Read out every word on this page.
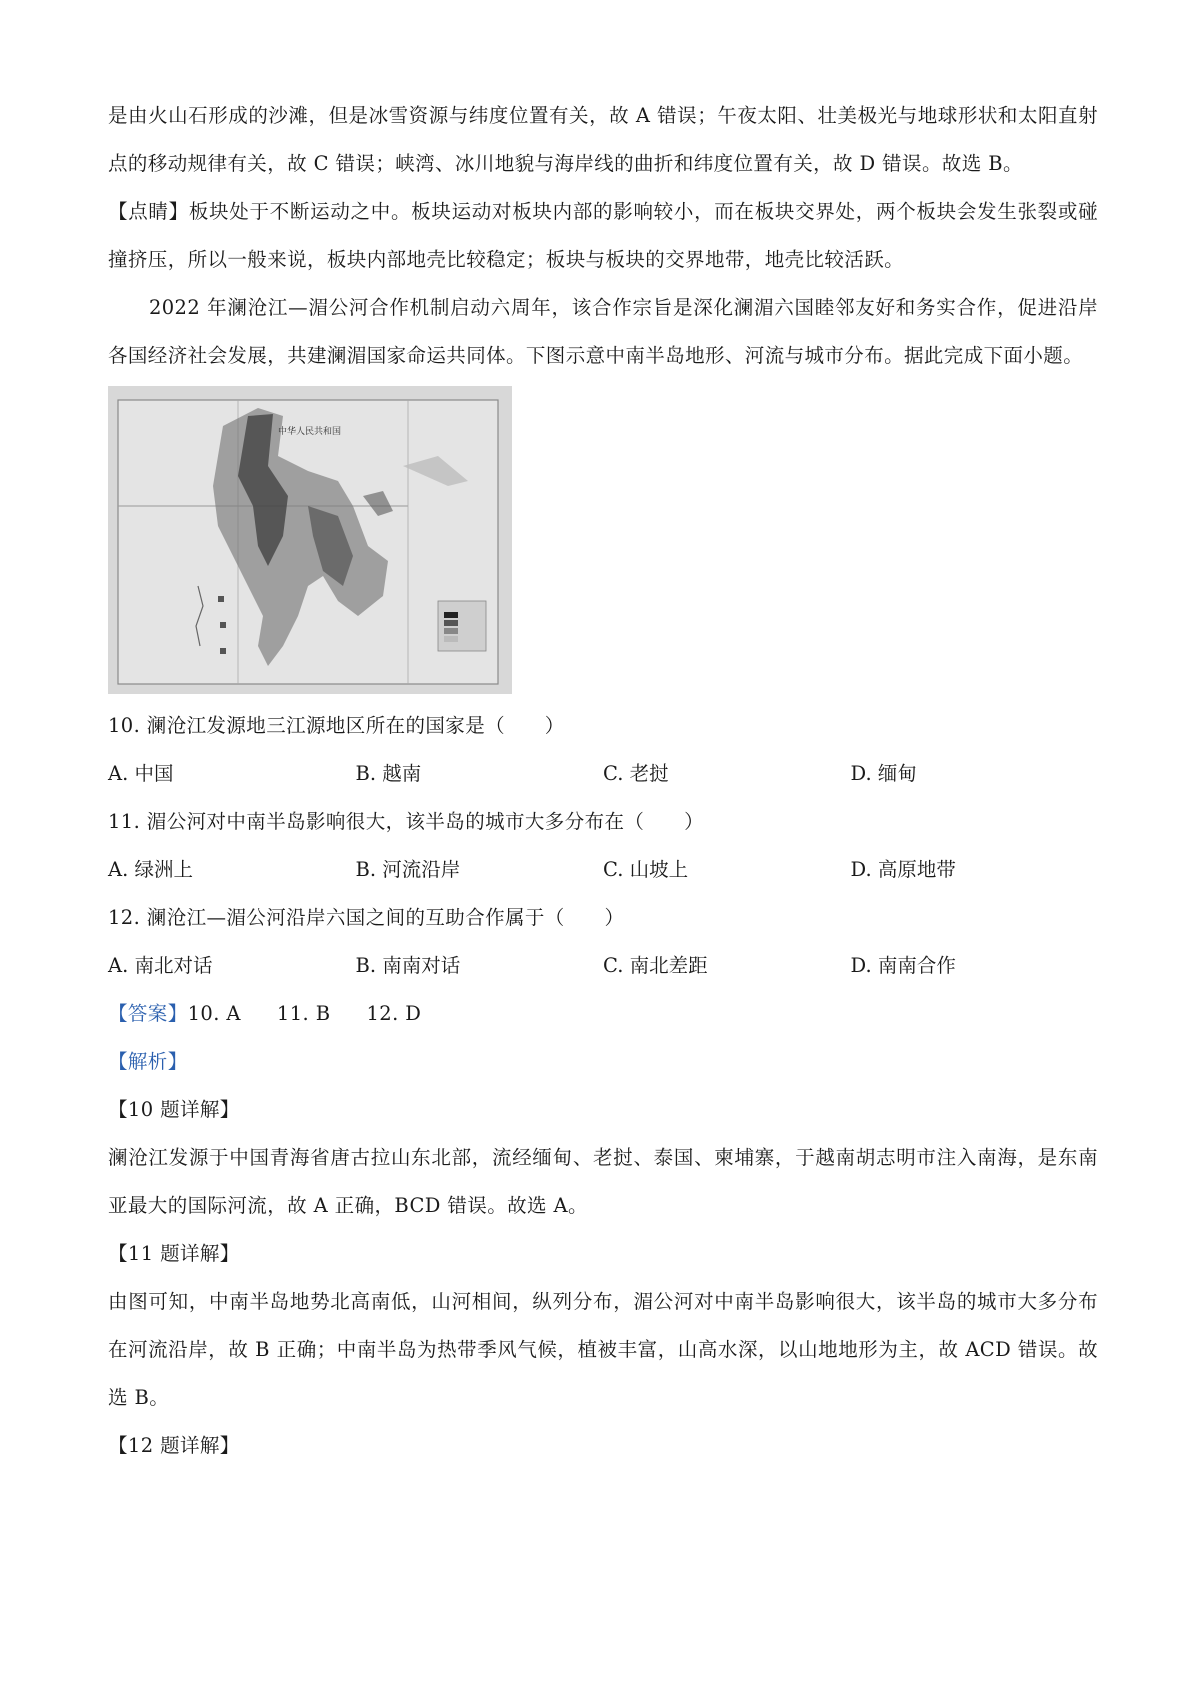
是由火山石形成的沙滩，但是冰雪资源与纬度位置有关，故 A 错误；午夜太阳、壮美极光与地球形状和太阳直射点的移动规律有关，故 C 错误；峡湾、冰川地貌与海岸线的曲折和纬度位置有关，故 D 错误。故选 B。

【点睛】板块处于不断运动之中。板块运动对板块内部的影响较小，而在板块交界处，两个板块会发生张裂或碰撞挤压，所以一般来说，板块内部地壳比较稳定；板块与板块的交界地带，地壳比较活跃。

2022 年澜沧江—湄公河合作机制启动六周年，该合作宗旨是深化澜湄六国睦邻友好和务实合作，促进沿岸各国经济社会发展，共建澜湄国家命运共同体。下图示意中南半岛地形、河流与城市分布。据此完成下面小题。

中华人民共和国

10. 澜沧江发源地三江源地区所在的国家是（　　）

A. 中国	B. 越南	C. 老挝	D. 缅甸

11. 湄公河对中南半岛影响很大，该半岛的城市大多分布在（　　）

A. 绿洲上	B. 河流沿岸	C. 山坡上	D. 高原地带

12. 澜沧江—湄公河沿岸六国之间的互助合作属于（　　）

A. 南北对话	B. 南南对话	C. 南北差距	D. 南南合作

【答案】10. A 11. B 12. D

【解析】

【10 题详解】

澜沧江发源于中国青海省唐古拉山东北部，流经缅甸、老挝、泰国、柬埔寨，于越南胡志明市注入南海，是东南亚最大的国际河流，故 A 正确，BCD 错误。故选 A。

【11 题详解】

由图可知，中南半岛地势北高南低，山河相间，纵列分布，湄公河对中南半岛影响很大，该半岛的城市大多分布在河流沿岸，故 B 正确；中南半岛为热带季风气候，植被丰富，山高水深，以山地地形为主，故 ACD 错误。故选 B。

【12 题详解】
